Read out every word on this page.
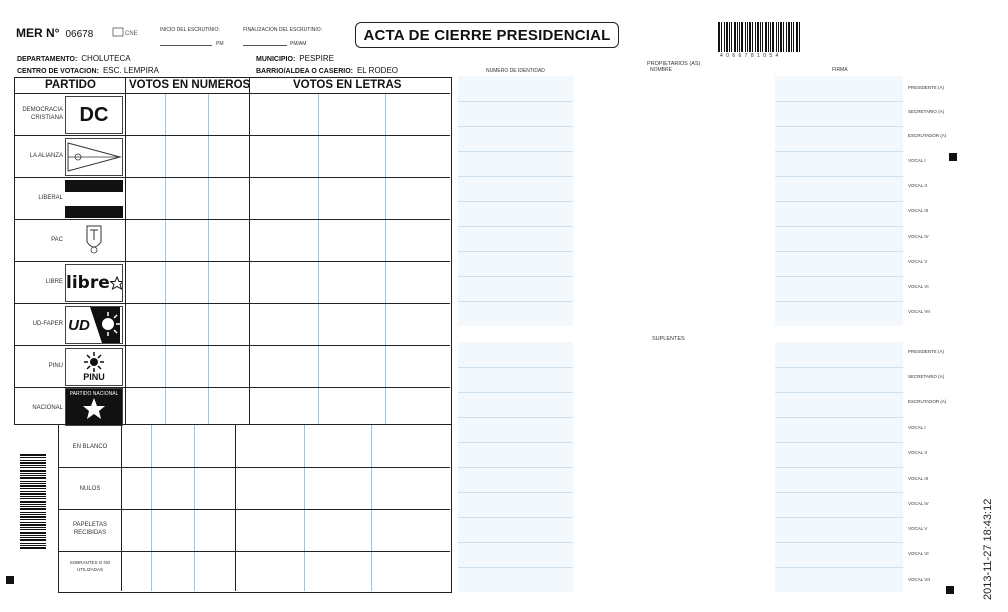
MER N° 06678	CNE
INICIO DEL ESCRUTINIO:
PM
FINALIZACION DEL ESCRUTINIO:
PM/AM
ACTA DE CIERRE PRESIDENCIAL
4 0 6 6 7 8 1 0 5 4
DEPARTAMENTO: CHOLUTECA	MUNICIPIO: PESPIRE
CENTRO DE VOTACION: ESC. LEMPIRA	BARRIO/ALDEA O CASERIO: EL RODEO
PARTIDO	VOTOS EN NUMEROS	VOTOS EN LETRAS
DEMOCRACIA CRISTIANA DC
LA ALIANZA
LIBERAL
PAC
LIBRE libre
UD-FAPER UD
PINU
PINU
NACIONAL
PARTIDO NACIONAL
EN BLANCO
NULOS
PAPELETAS RECIBIDAS
SOBRANTES O NO UTILIZADAS
NUMERO DE IDENTIDAD
PROPIETARIOS (AS)
NOMBRE	FIRMA
SUPLENTES
PRESIDENTE (A)
SECRETARIO (A)
ESCRUTADOR (A)
VOCAL I
VOCAL II
VOCAL III
VOCAL IV
VOCAL V
VOCAL VI
VOCAL VII
PRESIDENTE (A)
SECRETARIO (A)
ESCRUTADOR (A)
VOCAL I
VOCAL II
VOCAL III
VOCAL IV
VOCAL V
VOCAL VI
VOCAL VII	2013-11-27 18:43:12
